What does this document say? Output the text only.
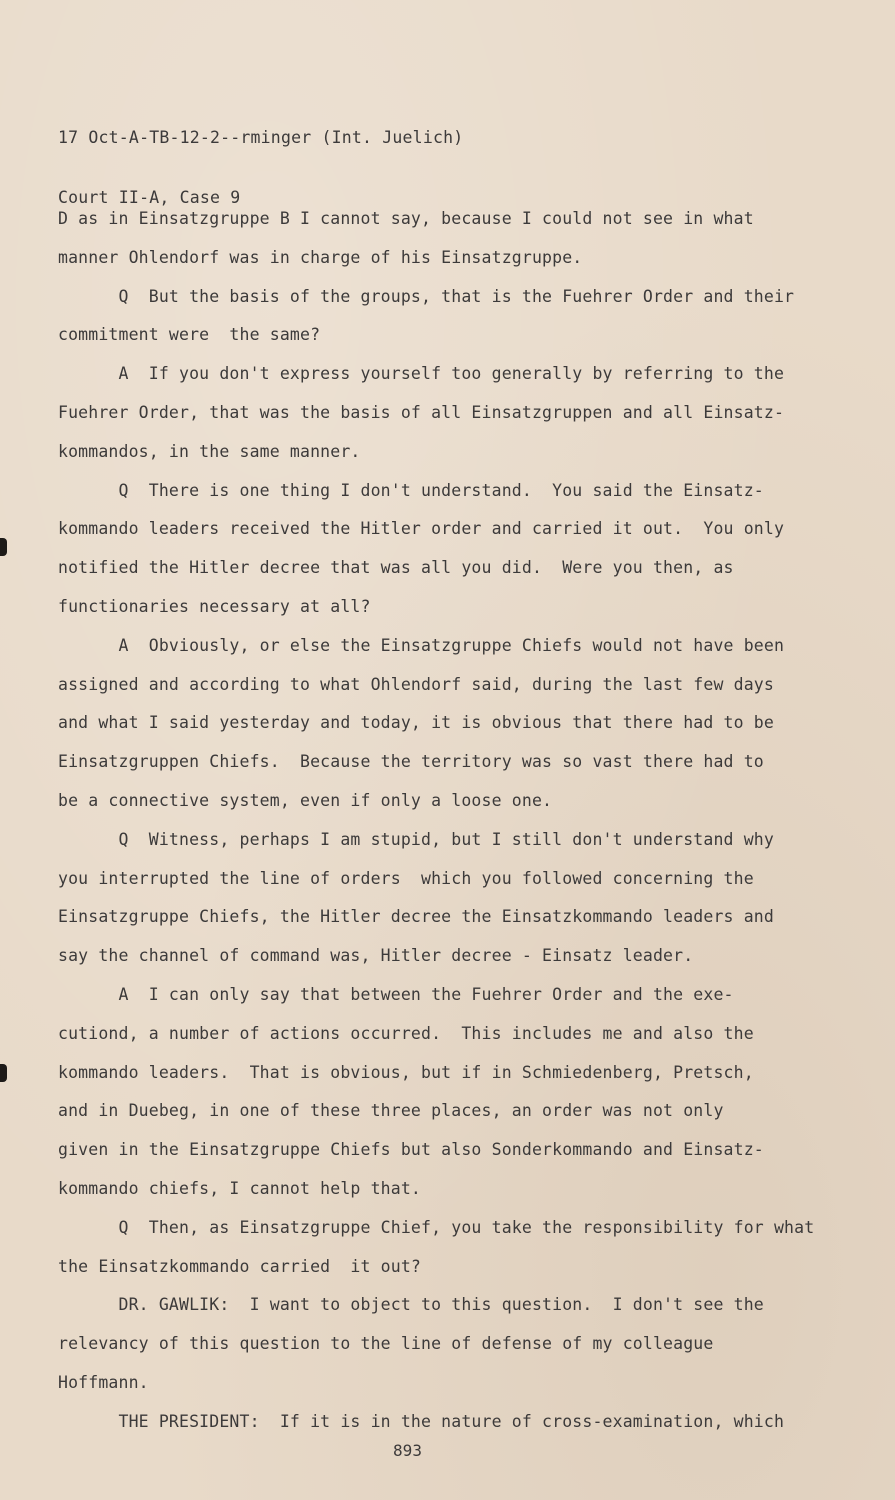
17 Oct-A-TB-12-2--rminger (Int. Juelich)

Court II-A, Case 9

D as in Einsatzgruppe B I cannot say, because I could not see in what

manner Ohlendorf was in charge of his Einsatzgruppe.

Q  But the basis of the groups, that is the Fuehrer Order and their

commitment were  the same?

A  If you don't express yourself too generally by referring to the

Fuehrer Order, that was the basis of all Einsatzgruppen and all Einsatz-

kommandos, in the same manner.

Q  There is one thing I don't understand.  You said the Einsatz-

kommando leaders received the Hitler order and carried it out.  You only

notified the Hitler decree that was all you did.  Were you then, as

functionaries necessary at all?

A  Obviously, or else the Einsatzgruppe Chiefs would not have been

assigned and according to what Ohlendorf said, during the last few days

and what I said yesterday and today, it is obvious that there had to be

Einsatzgruppen Chiefs.  Because the territory was so vast there had to

be a connective system, even if only a loose one.

Q  Witness, perhaps I am stupid, but I still don't understand why

you interrupted the line of orders  which you followed concerning the

Einsatzgruppe Chiefs, the Hitler decree the Einsatzkommando leaders and

say the channel of command was, Hitler decree - Einsatz leader.

A  I can only say that between the Fuehrer Order and the exe-

cutiond, a number of actions occurred.  This includes me and also the

kommando leaders.  That is obvious, but if in Schmiedenberg, Pretsch,

and in Duebeg, in one of these three places, an order was not only

given in the Einsatzgruppe Chiefs but also Sonderkommando and Einsatz-

kommando chiefs, I cannot help that.

Q  Then, as Einsatzgruppe Chief, you take the responsibility for what

the Einsatzkommando carried  it out?

DR. GAWLIK:  I want to object to this question.  I don't see the

relevancy of this question to the line of defense of my colleague

Hoffmann.

THE PRESIDENT:  If it is in the nature of cross-examination, which

893
